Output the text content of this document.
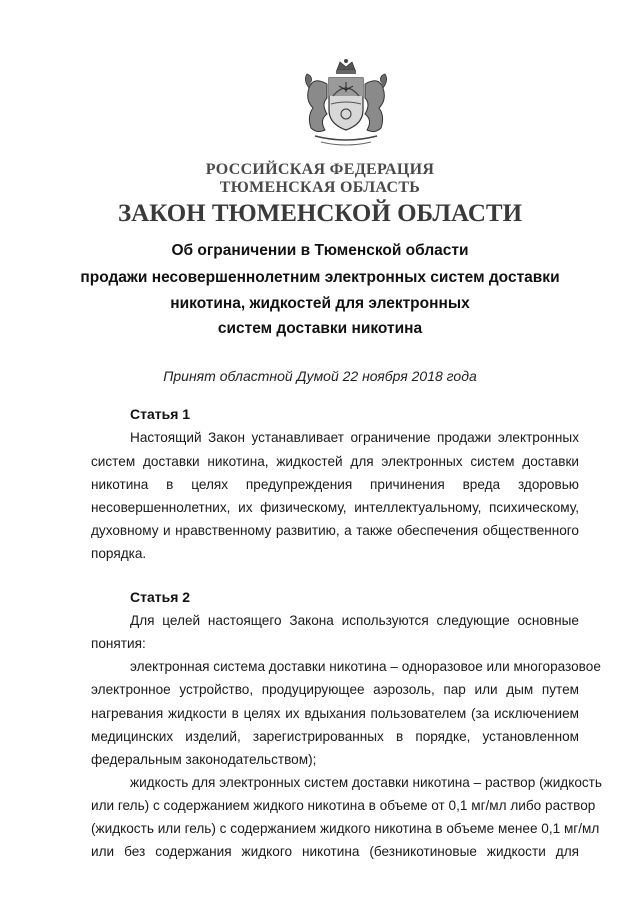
РОССИЙСКАЯ ФЕДЕРАЦИЯ
ТЮМЕНСКАЯ ОБЛАСТЬ
ЗАКОН ТЮМЕНСКОЙ ОБЛАСТИ
Об ограничении в Тюменской области
продажи несовершеннолетним электронных систем доставки
никотина, жидкостей для электронных
систем доставки никотина
Принят областной Думой 22 ноября 2018 года
Статья 1
Настоящий Закон устанавливает ограничение продажи электронных
систем доставки никотина, жидкостей для электронных систем доставки
никотина в целях предупреждения причинения вреда здоровью
несовершеннолетних, их физическому, интеллектуальному, психическому,
духовному и нравственному развитию, а также обеспечения общественного
порядка.
Статья 2
Для целей настоящего Закона используются следующие основные
понятия:
электронная система доставки никотина – одноразовое или многоразовое
электронное устройство, продуцирующее аэрозоль, пар или дым путем
нагревания жидкости в целях их вдыхания пользователем (за исключением
медицинских изделий, зарегистрированных в порядке, установленном
федеральным законодательством);
жидкость для электронных систем доставки никотина – раствор (жидкость
или гель) с содержанием жидкого никотина в объеме от 0,1 мг/мл либо раствор
(жидкость или гель) с содержанием жидкого никотина в объеме менее 0,1 мг/мл
или без содержания жидкого никотина (безникотиновые жидкости для
